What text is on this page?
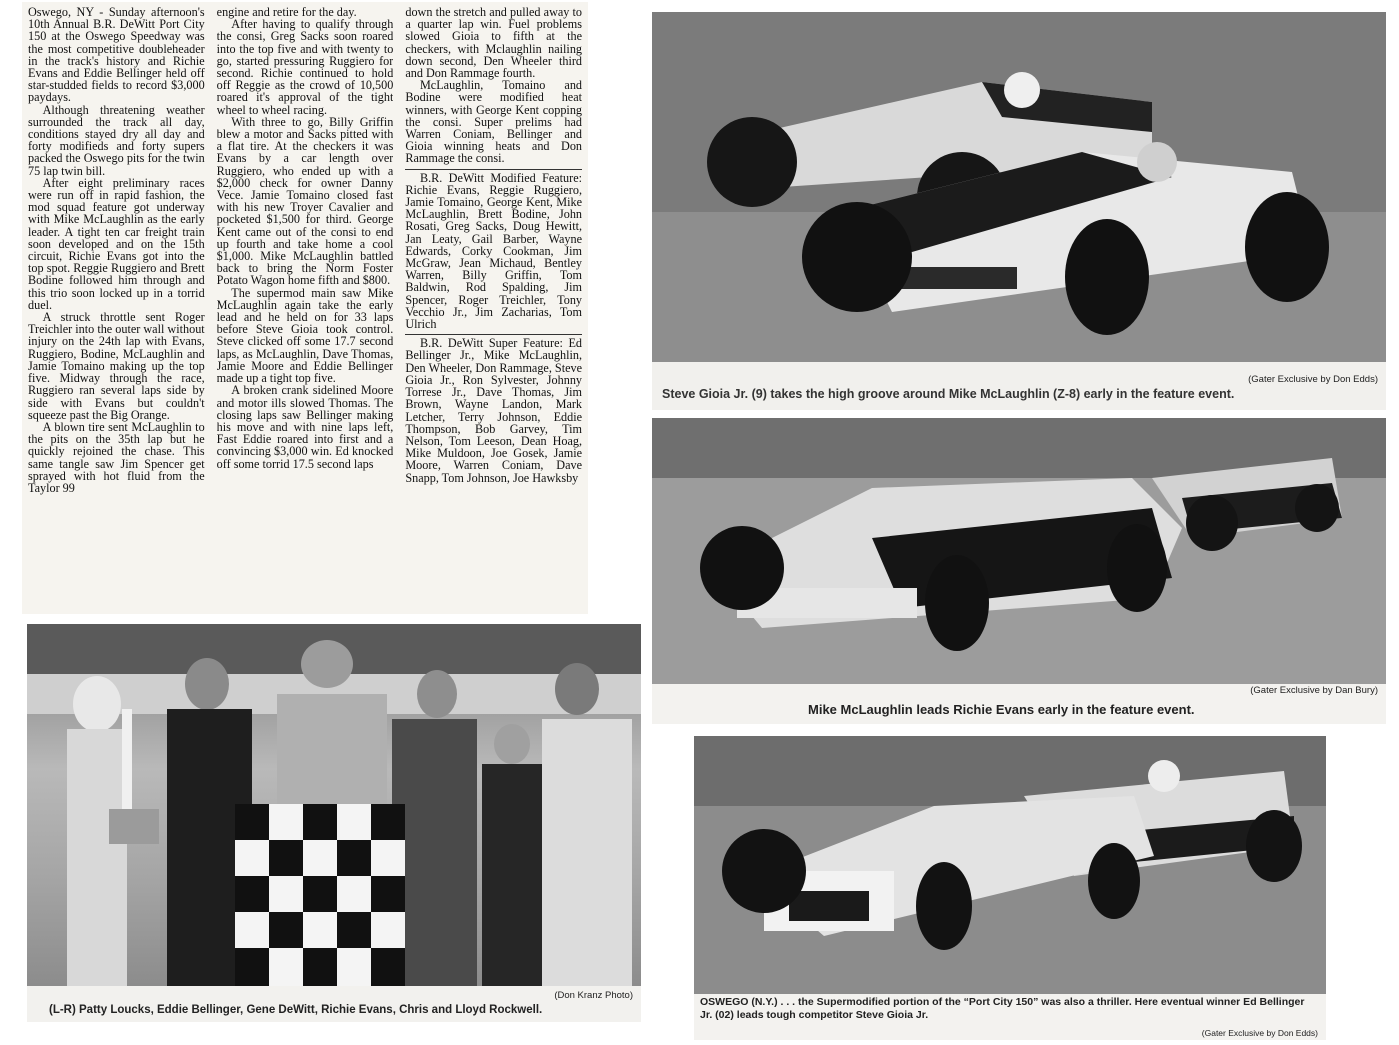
Oswego, NY - Sunday afternoon's 10th Annual B.R. DeWitt Port City 150 at the Oswego Speedway was the most competitive doubleheader in the track's history and Richie Evans and Eddie Bellinger held off star-studded fields to record $3,000 paydays.

Although threatening weather surrounded the track all day, conditions stayed dry all day and forty modifieds and forty supers packed the Oswego pits for the twin 75 lap twin bill.

After eight preliminary races were run off in rapid fashion, the mod squad feature got underway with Mike McLaughlin as the early leader. A tight ten car freight train soon developed and on the 15th circuit, Richie Evans got into the top spot. Reggie Ruggiero and Brett Bodine followed him through and this trio soon locked up in a torrid duel.

A struck throttle sent Roger Treichler into the outer wall without injury on the 24th lap with Evans, Ruggiero, Bodine, McLaughlin and Jamie Tomaino making up the top five. Midway through the race, Ruggiero ran several laps side by side with Evans but couldn't squeeze past the Big Orange.

A blown tire sent McLaughlin to the pits on the 35th lap but he quickly rejoined the chase. This same tangle saw Jim Spencer get sprayed with hot fluid from the Taylor 99

engine and retire for the day.

After having to qualify through the consi, Greg Sacks soon roared into the top five and with twenty to go, started pressuring Ruggiero for second. Richie continued to hold off Reggie as the crowd of 10,500 roared it's approval of the tight wheel to wheel racing.

With three to go, Billy Griffin blew a motor and Sacks pitted with a flat tire. At the checkers it was Evans by a car length over Ruggiero, who ended up with a $2,000 check for owner Danny Vece. Jamie Tomaino closed fast with his new Troyer Cavalier and pocketed $1,500 for third. George Kent came out of the consi to end up fourth and take home a cool $1,000. Mike McLaughlin battled back to bring the Norm Foster Potato Wagon home fifth and $800.

The supermod main saw Mike McLaughlin again take the early lead and he held on for 33 laps before Steve Gioia took control. Steve clicked off some 17.7 second laps, as McLaughlin, Dave Thomas, Jamie Moore and Eddie Bellinger made up a tight top five.

A broken crank sidelined Moore and motor ills slowed Thomas. The closing laps saw Bellinger making his move and with nine laps left, Fast Eddie roared into first and a convincing $3,000 win. Ed knocked off some torrid 17.5 second laps

down the stretch and pulled away to a quarter lap win. Fuel problems slowed Gioia to fifth at the checkers, with Mclaughlin nailing down second, Den Wheeler third and Don Rammage fourth.

McLaughlin, Tomaino and Bodine were modified heat winners, with George Kent copping the consi. Super prelims had Warren Coniam, Bellinger and Gioia winning heats and Don Rammage the consi.

B.R. DeWitt Modified Feature: Richie Evans, Reggie Ruggiero, Jamie Tomaino, George Kent, Mike McLaughlin, Brett Bodine, John Rosati, Greg Sacks, Doug Hewitt, Jan Leaty, Gail Barber, Wayne Edwards, Corky Cookman, Jim McGraw, Jean Michaud, Bentley Warren, Billy Griffin, Tom Baldwin, Rod Spalding, Jim Spencer, Roger Treichler, Tony Vecchio Jr., Jim Zacharias, Tom Ulrich

B.R. DeWitt Super Feature: Ed Bellinger Jr., Mike McLaughlin, Den Wheeler, Don Rammage, Steve Gioia Jr., Ron Sylvester, Johnny Torrese Jr., Dave Thomas, Jim Brown, Wayne Landon, Mark Letcher, Terry Johnson, Eddie Thompson, Bob Garvey, Tim Nelson, Tom Leeson, Dean Hoag, Mike Muldoon, Joe Gosek, Jamie Moore, Warren Coniam, Dave Snapp, Tom Johnson, Joe Hawksby

(Don Kranz Photo)
(L-R) Patty Loucks, Eddie Bellinger, Gene DeWitt, Richie Evans, Chris and Lloyd Rockwell.
(Gater Exclusive by Don Edds)
Steve Gioia Jr. (9) takes the high groove around Mike McLaughlin (Z-8) early in the feature event.
(Gater Exclusive by Dan Bury)
Mike McLaughlin leads Richie Evans early in the feature event.
OSWEGO (N.Y.) . . . the Supermodified portion of the “Port City 150” was also a thriller. Here eventual winner Ed Bellinger Jr. (02) leads tough competitor Steve Gioia Jr.
(Gater Exclusive by Don Edds)
